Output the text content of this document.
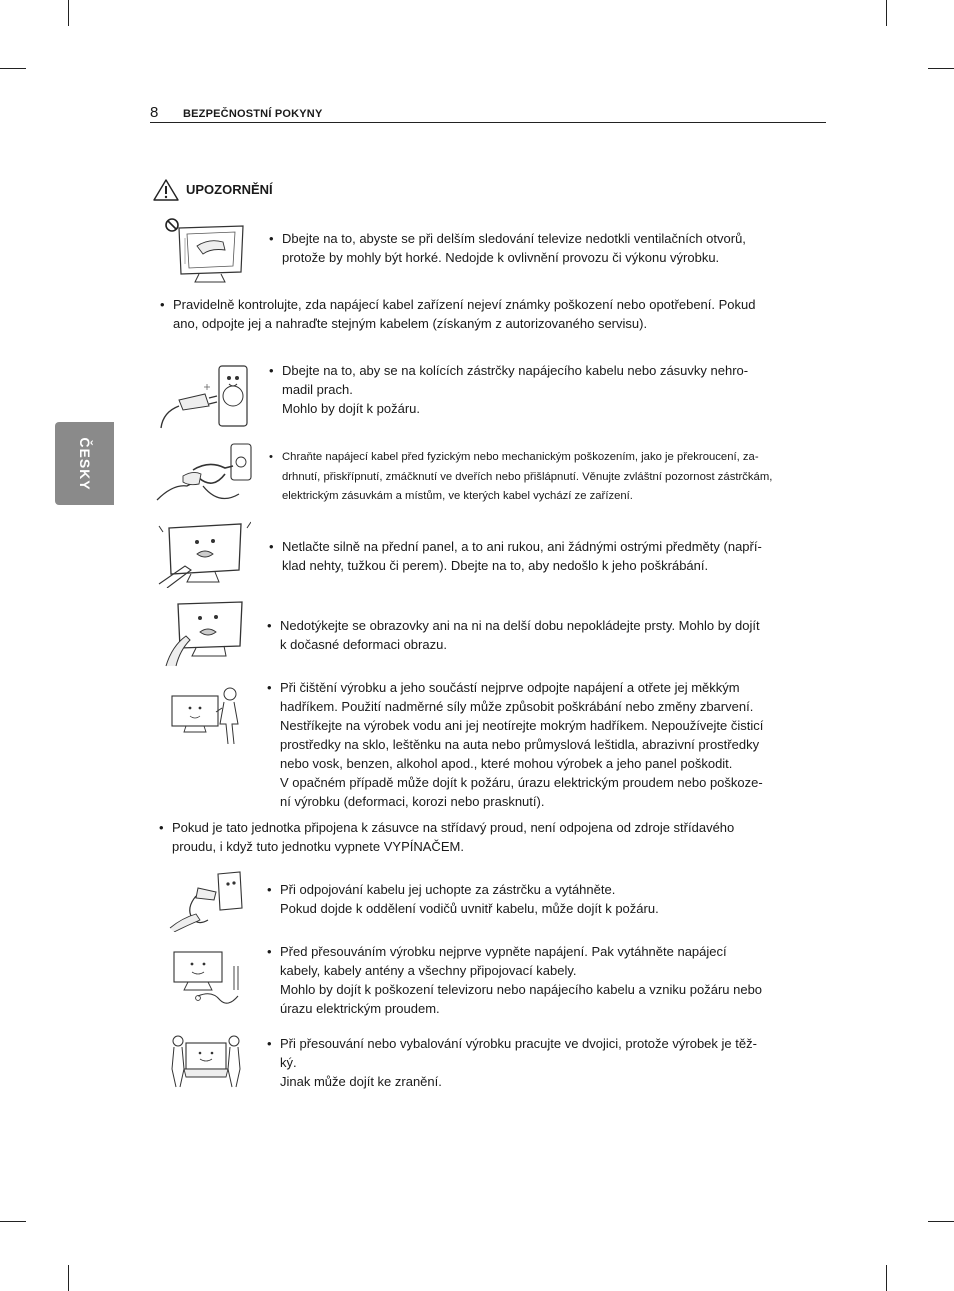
8 BEZPEČNOSTNÍ POKYNY
ČESKY
UPOZORNĚNÍ
• Dbejte na to, abyste se při delším sledování televize nedotkli ventilačních otvorů,
protože by mohly být horké. Nedojde k ovlivnění provozu či výkonu výrobku.
• Pravidelně kontrolujte, zda napájecí kabel zařízení nejeví známky poškození nebo opotřebení. Pokud
ano, odpojte jej a nahraďte stejným kabelem (získaným z autorizovaného servisu).
• Dbejte na to, aby se na kolících zástrčky napájecího kabelu nebo zásuvky nehro-
madil prach.
Mohlo by dojít k požáru.
• Chraňte napájecí kabel před fyzickým nebo mechanickým poškozením, jako je překroucení, za-
drhnutí, přiskřípnutí, zmáčknutí ve dveřích nebo přišlápnutí. Věnujte zvláštní pozornost zástrčkám,
elektrickým zásuvkám a místům, ve kterých kabel vychází ze zařízení.
• Netlačte silně na přední panel, a to ani rukou, ani žádnými ostrými předměty (napří-
klad nehty, tužkou či perem). Dbejte na to, aby nedošlo k jeho poškrábání.
• Nedotýkejte se obrazovky ani na ni na delší dobu nepokládejte prsty. Mohlo by dojít
k dočasné deformaci obrazu.
• Při čištění výrobku a jeho součástí nejprve odpojte napájení a otřete jej měkkým
hadříkem. Použití nadměrné síly může způsobit poškrábání nebo změny zbarvení.
Nestříkejte na výrobek vodu ani jej neotírejte mokrým hadříkem. Nepoužívejte čisticí
prostředky na sklo, leštěnku na auta nebo průmyslová leštidla, abrazivní prostředky
nebo vosk, benzen, alkohol apod., které mohou výrobek a jeho panel poškodit.
V opačném případě může dojít k požáru, úrazu elektrickým proudem nebo poškoze-
ní výrobku (deformaci, korozi nebo prasknutí).
• Pokud je tato jednotka připojena k zásuvce na střídavý proud, není odpojena od zdroje střídavého
proudu, i když tuto jednotku vypnete VYPÍNAČEM.
• Při odpojování kabelu jej uchopte za zástrčku a vytáhněte.
Pokud dojde k oddělení vodičů uvnitř kabelu, může dojít k požáru.
• Před přesouváním výrobku nejprve vypněte napájení. Pak vytáhněte napájecí
kabely, kabely antény a všechny připojovací kabely.
Mohlo by dojít k poškození televizoru nebo napájecího kabelu a vzniku požáru nebo
úrazu elektrickým proudem.
• Při přesouvání nebo vybalování výrobku pracujte ve dvojici, protože výrobek je těž-
ký.
Jinak může dojít ke zranění.
